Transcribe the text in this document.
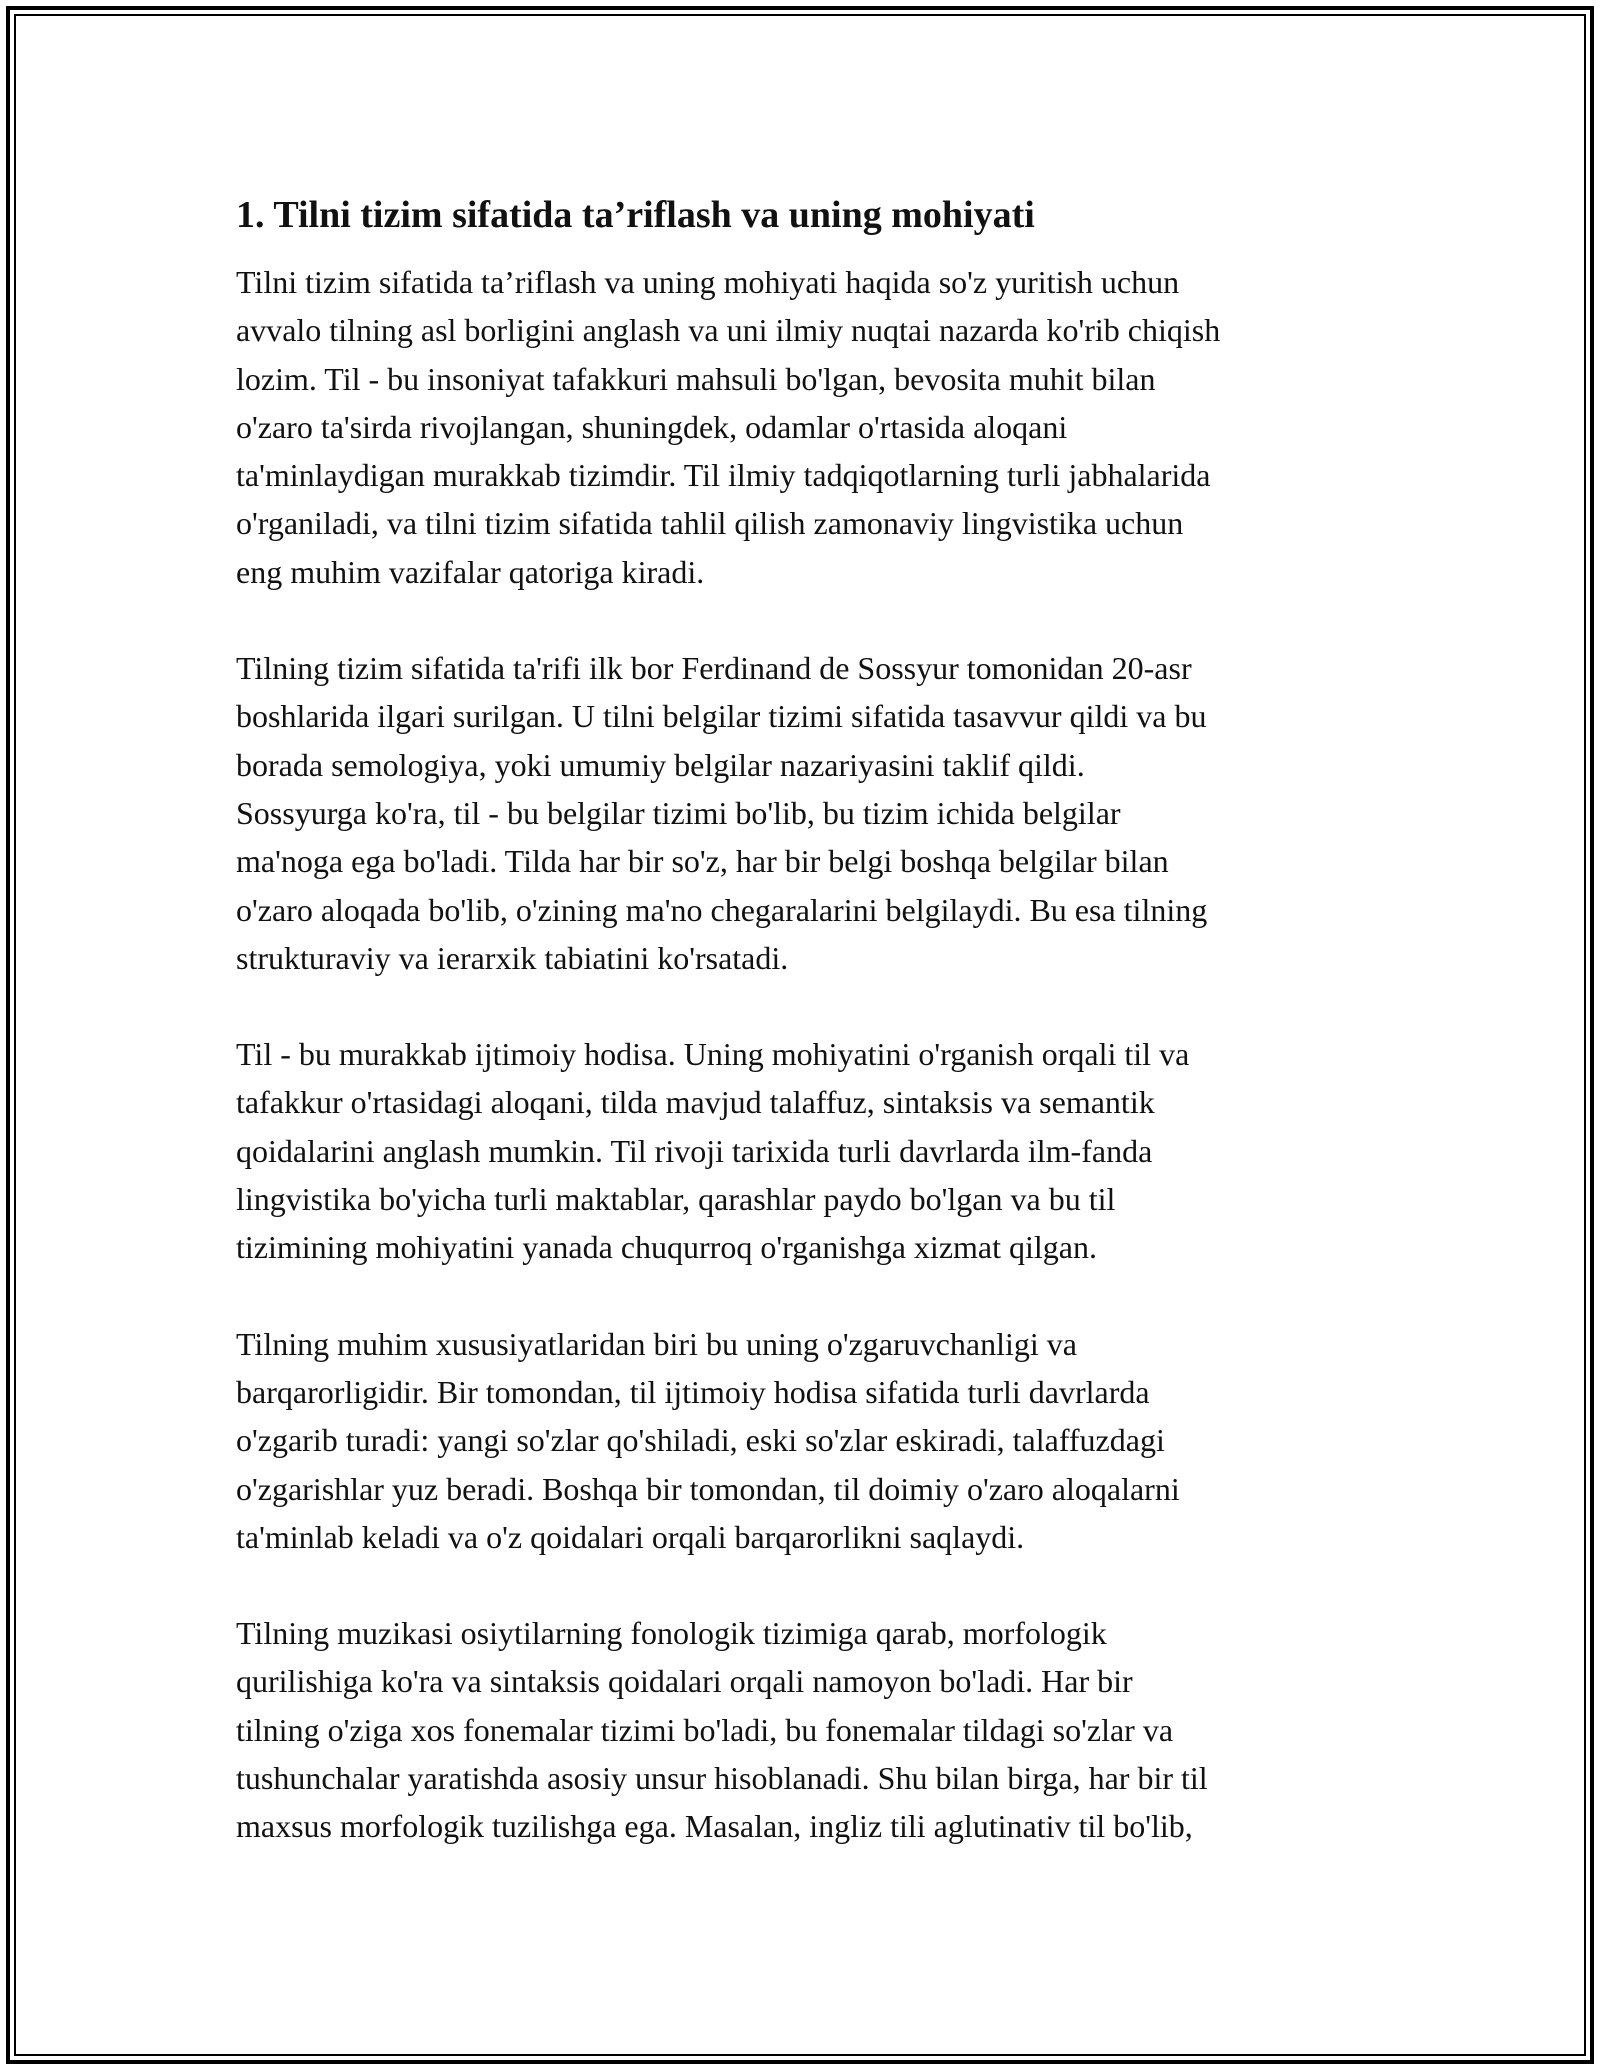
1. Tilni tizim sifatida ta’riflash va uning mohiyati

Tilni tizim sifatida ta’riflash va uning mohiyati haqida so'z yuritish uchun
avvalo tilning asl borligini anglash va uni ilmiy nuqtai nazarda ko'rib chiqish
lozim. Til - bu insoniyat tafakkuri mahsuli bo'lgan, bevosita muhit bilan
o'zaro ta'sirda rivojlangan, shuningdek, odamlar o'rtasida aloqani
ta'minlaydigan murakkab tizimdir. Til ilmiy tadqiqotlarning turli jabhalarida
o'rganiladi, va tilni tizim sifatida tahlil qilish zamonaviy lingvistika uchun
eng muhim vazifalar qatoriga kiradi.

Tilning tizim sifatida ta'rifi ilk bor Ferdinand de Sossyur tomonidan 20-asr
boshlarida ilgari surilgan. U tilni belgilar tizimi sifatida tasavvur qildi va bu
borada semologiya, yoki umumiy belgilar nazariyasini taklif qildi.
Sossyurga ko'ra, til - bu belgilar tizimi bo'lib, bu tizim ichida belgilar
ma'noga ega bo'ladi. Tilda har bir so'z, har bir belgi boshqa belgilar bilan
o'zaro aloqada bo'lib, o'zining ma'no chegaralarini belgilaydi. Bu esa tilning
strukturaviy va ierarxik tabiatini ko'rsatadi.

Til - bu murakkab ijtimoiy hodisa. Uning mohiyatini o'rganish orqali til va
tafakkur o'rtasidagi aloqani, tilda mavjud talaffuz, sintaksis va semantik
qoidalarini anglash mumkin. Til rivoji tarixida turli davrlarda ilm-fanda
lingvistika bo'yicha turli maktablar, qarashlar paydo bo'lgan va bu til
tizimining mohiyatini yanada chuqurroq o'rganishga xizmat qilgan.

Tilning muhim xususiyatlaridan biri bu uning o'zgaruvchanligi va
barqarorligidir. Bir tomondan, til ijtimoiy hodisa sifatida turli davrlarda
o'zgarib turadi: yangi so'zlar qo'shiladi, eski so'zlar eskiradi, talaffuzdagi
o'zgarishlar yuz beradi. Boshqa bir tomondan, til doimiy o'zaro aloqalarni
ta'minlab keladi va o'z qoidalari orqali barqarorlikni saqlaydi.

Tilning muzikasi osiytilarning fonologik tizimiga qarab, morfologik
qurilishiga ko'ra va sintaksis qoidalari orqali namoyon bo'ladi. Har bir
tilning o'ziga xos fonemalar tizimi bo'ladi, bu fonemalar tildagi so'zlar va
tushunchalar yaratishda asosiy unsur hisoblanadi. Shu bilan birga, har bir til
maxsus morfologik tuzilishga ega. Masalan, ingliz tili aglutinativ til bo'lib,
